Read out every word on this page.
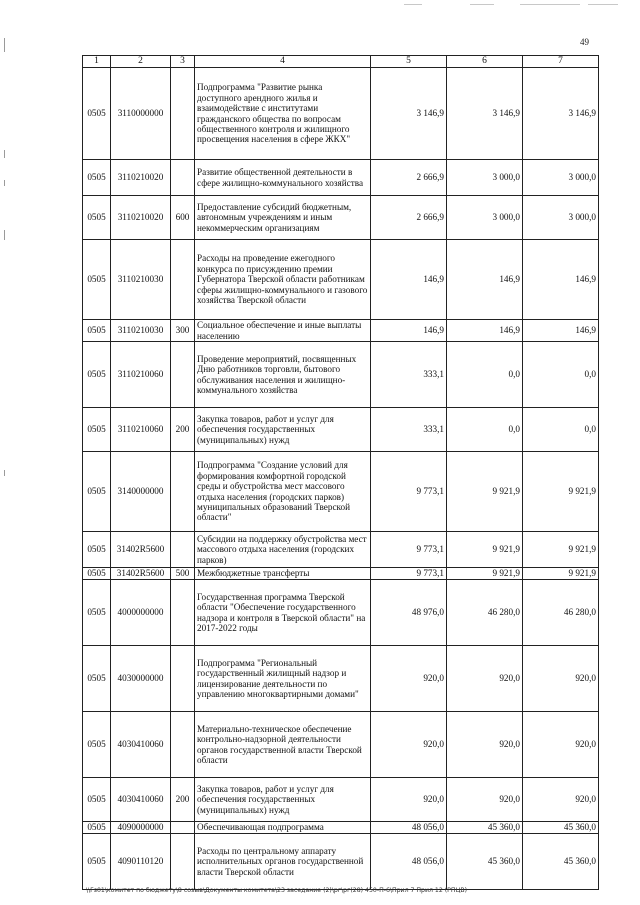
49
1	2	3	4	5	6	7
0505	3110000000		Подпрограмма "Развитие рынка доступного арендного жилья и взаимодействие с институтами гражданского общества по вопросам общественного контроля и жилищного просвещения населения в сфере ЖКХ"	3 146,9	3 146,9	3 146,9
0505	3110210020		Развитие общественной деятельности в сфере жилищно-коммунального хозяйства	2 666,9	3 000,0	3 000,0
0505	3110210020	600	Предоставление субсидий бюджетным, автономным учреждениям и иным некоммерческим организациям	2 666,9	3 000,0	3 000,0
0505	3110210030		Расходы на проведение ежегодного конкурса по присуждению премии Губернатора Тверской области работникам сферы жилищно-коммунального и газового хозяйства Тверской области	146,9	146,9	146,9
0505	3110210030	300	Социальное обеспечение и иные выплаты населению	146,9	146,9	146,9
0505	3110210060		Проведение мероприятий, посвященных Дню работников торговли, бытового обслуживания населения и жилищно-коммунального хозяйства	333,1	0,0	0,0
0505	3110210060	200	Закупка товаров, работ и услуг для обеспечения государственных (муниципальных) нужд	333,1	0,0	0,0
0505	3140000000		Подпрограмма "Создание условий для формирования комфортной городской среды и обустройства мест массового отдыха населения (городских парков) муниципальных образований Тверской области"	9 773,1	9 921,9	9 921,9
0505	31402R5600		Субсидии на поддержку обустройства мест массового отдыха населения (городских парков)	9 773,1	9 921,9	9 921,9
0505	31402R5600	500	Межбюджетные трансферты	9 773,1	9 921,9	9 921,9
0505	4000000000		Государственная программа Тверской области "Обеспечение государственного надзора и контроля в Тверской области" на 2017-2022 годы	48 976,0	46 280,0	46 280,0
0505	4030000000		Подпрограмма "Региональный государственный жилищный надзор и лицензирование деятельности по управлению многоквартирными домами"	920,0	920,0	920,0
0505	4030410060		Материально-техническое обеспечение контрольно-надзорной деятельности органов государственной власти Тверской области	920,0	920,0	920,0
0505	4030410060	200	Закупка товаров, работ и услуг для обеспечения государственных (муниципальных) нужд	920,0	920,0	920,0
0505	4090000000		Обеспечивающая подпрограмма	48 056,0	45 360,0	45 360,0
0505	4090110120		Расходы по центральному аппарату исполнительных органов государственной власти Тверской области	48 056,0	45 360,0	45 360,0
\\Fs01\комитет по бюджету\8 созыв\Документы комитета\23 заседание (2)\рг\рг(28) 450-П-6\Прил 7 Прил 12 (РПЦВ)
